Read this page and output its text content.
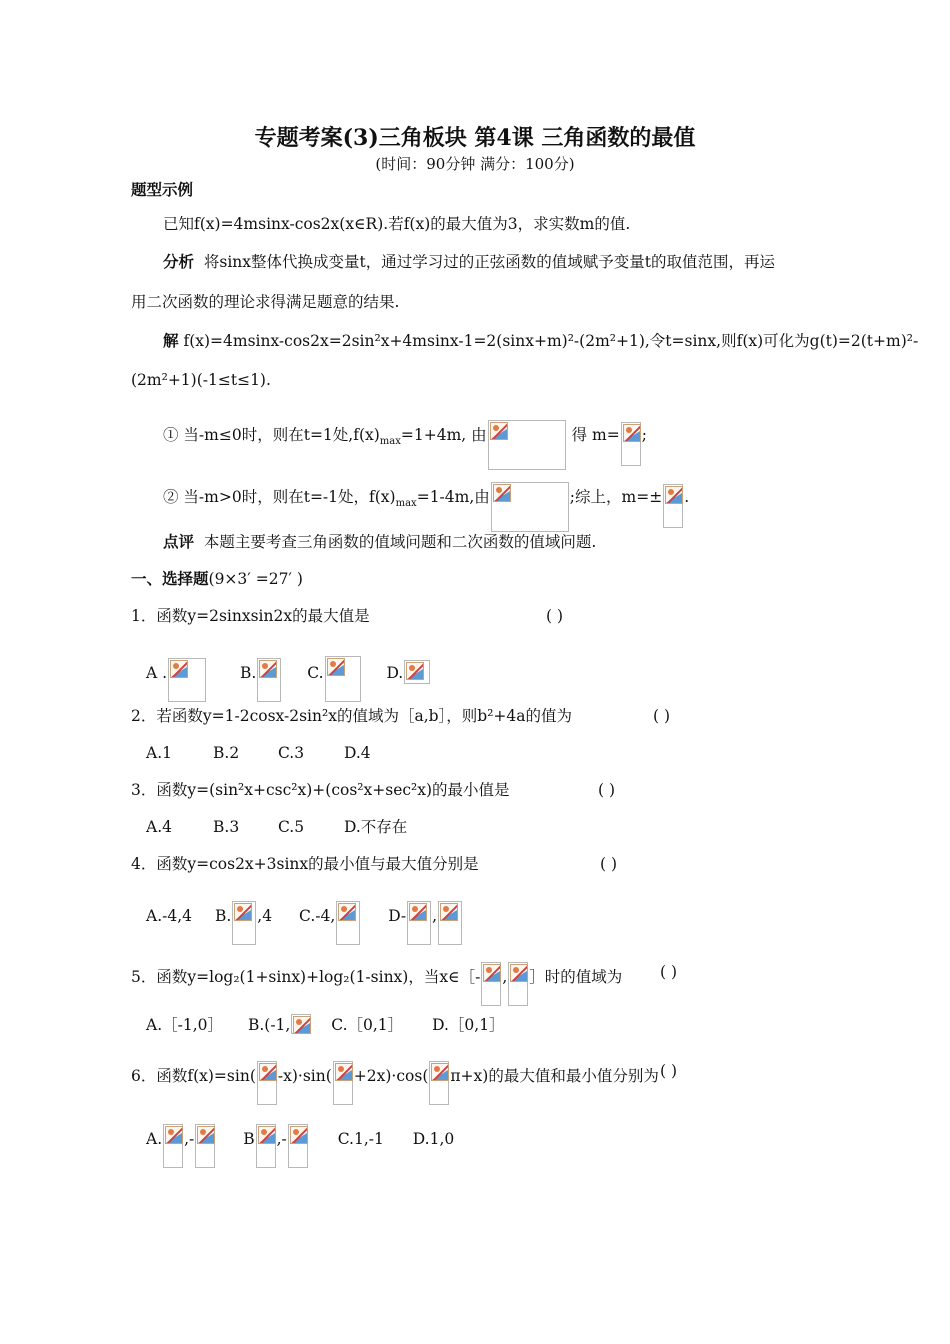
专题考案(3)三角板块 第4课 三角函数的最值
(时间：90分钟 满分：100分)
题型示例
已知f(x)=4msinx-cos2x(x∈R).若f(x)的最大值为3，求实数m的值.
分析 将sinx整体代换成变量t，通过学习过的正弦函数的值域赋予变量t的取值范围，再运
用二次函数的理论求得满足题意的结果.
解 f(x)=4msinx-cos2x=2sin²x+4msinx-1=2(sinx+m)²-(2m²+1),令t=sinx,则f(x)可化为g(t)=2(t+m)²-
(2m²+1)(-1≤t≤1).
① 当-m≤0时，则在t=1处$,f(x)_{max}=1+4m$, 由	得 m= ;
② 当-m>0时，则在t=-1处，$f(x)_{max}=1-4m$,由	;综上，m=± .
点评 本题主要考查三角函数的值域问题和二次函数的值域问题.
一、选择题(9×3′ =27′ )
1．函数y=2sinxsin2x的最大值是	( )
A .	B.	C.	D.
2．若函数y=1-2cosx-2sin²x的值域为［a,b］，则b²+4a的值为	( )
A.1	B.2	C.3	D.4
3．函数y=(sin²x+csc²x)+(cos²x+sec²x)的最小值是	( )
A.4	B.3	C.5	D.不存在
4．函数y=cos2x+3sinx的最小值与最大值分别是	( )
A.-4,4 B. ,4 C.-4,	D- ,
5．函数y=log₂(1+sinx)+log₂(1-sinx)，当x∈［- , ］时的值域为 ( )
A.［-1,0］ B.(-1,	C.［0,1］ D.［0,1］
6．函数f(x)=sin( -x)·sin( +2x)·cos( π+x)的最大值和最小值分别为 ( )
A. ,-	B ,-	C.1,-1 D.1,0
